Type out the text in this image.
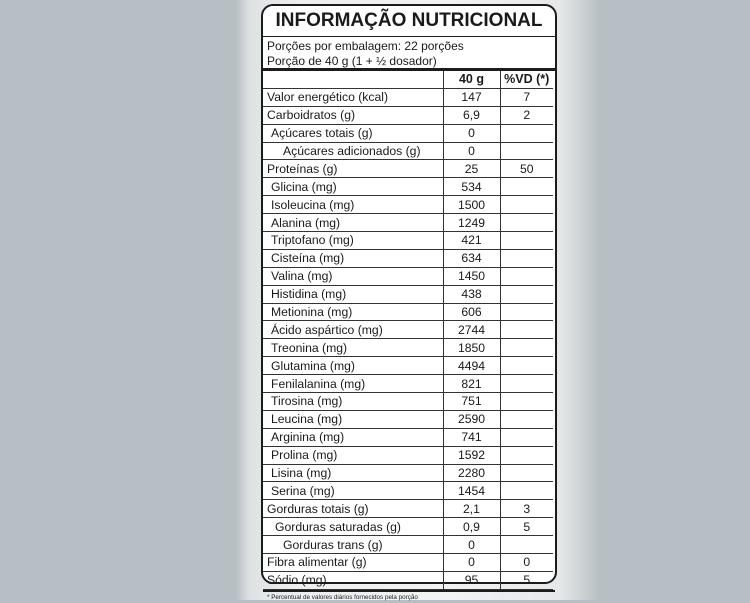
INFORMAÇÃO NUTRICIONAL
Porções por embalagem: 22 porções
Porção de 40 g (1 + ½ dosador)
	40 g	%VD (*)
Valor energético (kcal)	147	7
Carboidratos (g)	6,9	2
Açúcares totais (g)	0	
Açúcares adicionados (g)	0	
Proteínas (g)	25	50
Glicina (mg)	534	
Isoleucina (mg)	1500	
Alanina (mg)	1249	
Triptofano (mg)	421	
Cisteína (mg)	634	
Valina (mg)	1450	
Histidina (mg)	438	
Metionina (mg)	606	
Ácido aspártico (mg)	2744	
Treonina (mg)	1850	
Glutamina (mg)	4494	
Fenilalanina (mg)	821	
Tirosina (mg)	751	
Leucina (mg)	2590	
Arginina (mg)	741	
Prolina (mg)	1592	
Lisina (mg)	2280	
Serina (mg)	1454	
Gorduras totais (g)	2,1	3
Gorduras saturadas (g)	0,9	5
Gorduras trans (g)	0	
Fibra alimentar (g)	0	0
Sódio (mg)	95	5
* Percentual de valores diários fornecidos pela porção
